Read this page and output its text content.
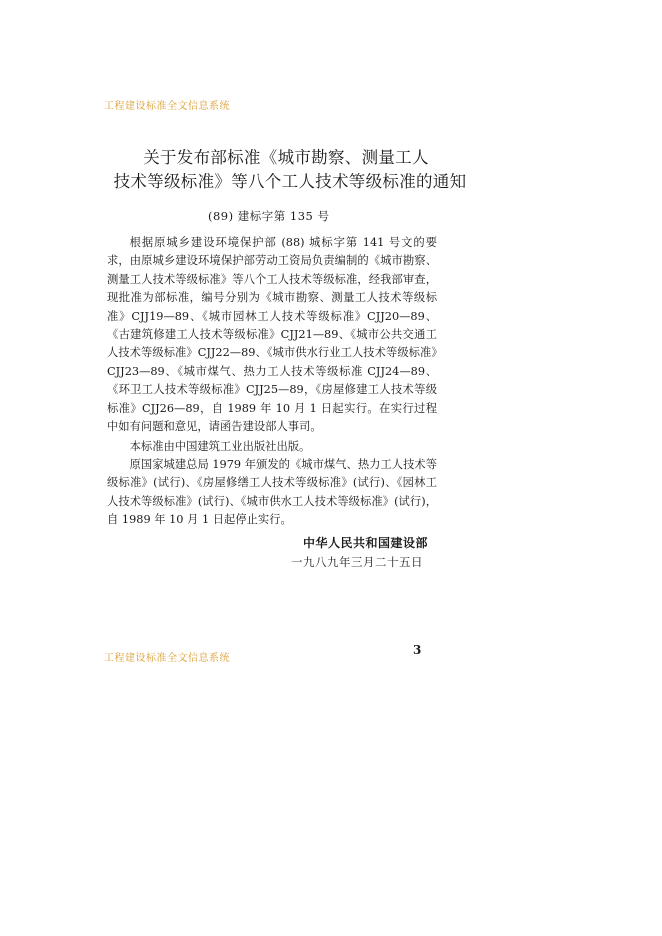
工程建设标准全文信息系统
关于发布部标准《城市勘察、测量工人
技术等级标准》等八个工人技术等级标准的通知
(89) 建标字第 135 号

根据原城乡建设环境保护部 (88) 城标字第 141 号文的要求，由原城乡建设环境保护部劳动工资局负责编制的《城市勘察、测量工人技术等级标准》等八个工人技术等级标准，经我部审查，现批准为部标准，编号分别为《城市勘察、测量工人技术等级标准》CJJ19—89、《城市园林工人技术等级标准》CJJ20—89、《古建筑修建工人技术等级标准》CJJ21—89、《城市公共交通工人技术等级标准》CJJ22—89、《城市供水行业工人技术等级标准》CJJ23—89、《城市煤气、热力工人技术等级标准 CJJ24—89、《环卫工人技术等级标准》CJJ25—89，《房屋修建工人技术等级标准》CJJ26—89，自 1989 年 10 月 1 日起实行。在实行过程中如有问题和意见，请函告建设部人事司。

本标准由中国建筑工业出版社出版。

原国家城建总局 1979 年颁发的《城市煤气、热力工人技术等级标准》(试行)、《房屋修缮工人技术等级标准》(试行)、《园林工人技术等级标准》(试行)、《城市供水工人技术等级标准》(试行)，自 1989 年 10 月 1 日起停止实行。

中华人民共和国建设部
一九八九年三月二十五日
工程建设标准全文信息系统
3
